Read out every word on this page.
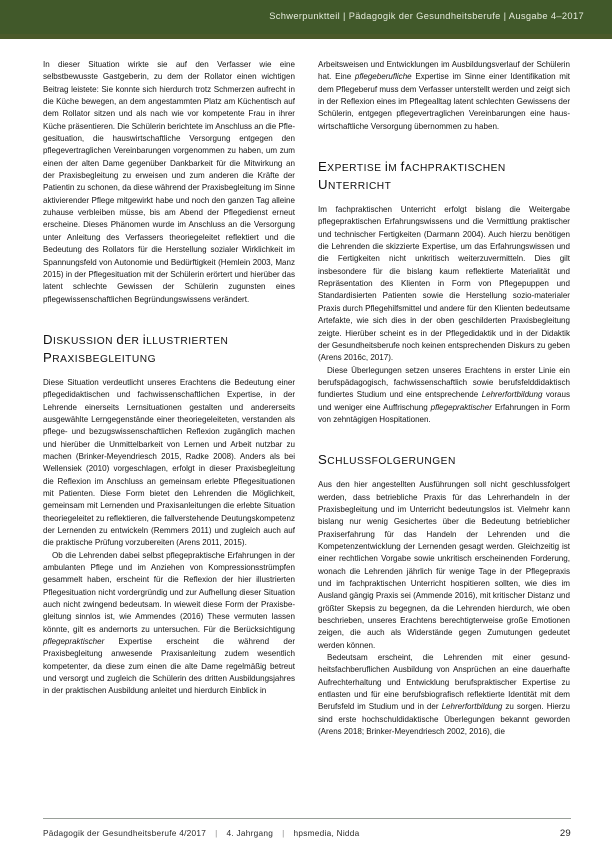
Schwerpunktteil | Pädagogik der Gesundheitsberufe | Ausgabe 4–2017

In dieser Situation wirkte sie auf den Verfasser wie eine selbstbewusste Gastgeberin, zu dem der Rollator einen wichtigen Beitrag leistete: Sie konnte sich hierdurch trotz Schmerzen aufrecht in die Küche bewegen, an dem angestammten Platz am Küchentisch auf dem Rollator sitzen und als nach wie vor kompetente Frau in ihrer Küche präsentieren. Die Schülerin berichtete im Anschluss an die Pflegesituation, die hauswirtschaftliche Versorgung entgegen den pflegevertraglichen Vereinbarungen vorgenommen zu haben, um zum einen der alten Dame gegenüber Dankbarkeit für die Mitwirkung an der Praxisbegleitung zu erweisen und zum anderen die Kräfte der Patientin zu schonen, da diese während der Praxisbegleitung im Sinne aktivierender Pflege mitgewirkt habe und noch den ganzen Tag alleine zuhause verbleiben müsse, bis am Abend der Pflegedienst erneut erscheine. Dieses Phänomen wurde im Anschluss an die Versorgung unter Anleitung des Verfassers theoriegeleitet reflektiert und die Bedeutung des Rollators für die Herstellung sozialer Wirklichkeit im Spannungsfeld von Autonomie und Bedürftigkeit (Hemlein 2003, Manz 2015) in der Pflegesituation mit der Schülerin erörtert und hierüber das latent schlechte Gewissen der Schülerin zugunsten eines pflegewissenschaftlichen Begründungswissens verändert.

DISKUSSION dER iLLUSTRIERTEN PRAXISBEGLEITUNG

Diese Situation verdeutlicht unseres Erachtens die Bedeutung einer pflegedidaktischen und fachwissenschaftlichen Expertise, in der Lehrende einerseits Lernsituationen gestalten und andererseits ausgewählte Lerngegenstände einer theoriegeleiteten, verstanden als pflege- und bezugswissenschaftlichen Reflexion zugänglich machen und hierüber die Unmittelbarkeit von Lernen und Arbeit nutzbar zu machen (Brinker-Meyendriesch 2015, Radke 2008). Anders als bei Wellensiek (2010) vorgeschlagen, erfolgt in dieser Praxisbegleitung die Reflexion im Anschluss an gemeinsam erlebte Pflegesituationen mit Patienten. Diese Form bietet den Lehrenden die Möglichkeit, gemeinsam mit Lernenden und Praxisanleitungen die erlebte Situation theoriegeleitet zu reflektieren, die fallverstehende Deutungskompetenz der Lernenden zu entwickeln (Remmers 2011) und zugleich auch auf die praktische Prüfung vorzubereiten (Arens 2011, 2015).

Ob die Lehrenden dabei selbst pflegepraktische Erfahrungen in der ambulanten Pflege und im Anziehen von Kompressionsstrümpfen gesammelt haben, erscheint für die Reflexion der hier illustrierten Pflegesituation nicht vordergründig und zur Aufhellung dieser Situation auch nicht zwingend bedeutsam. In wieweit diese Form der Praxisbegleitung sinnlos ist, wie Ammendes (2016) These vermuten lassen könnte, gilt es andernorts zu untersuchen. Für die Berücksichtigung pflegepraktischer Expertise erscheint die während der Praxisbegleitung anwesende Praxisanleitung zudem wesentlich kompetenter, da diese zum einen die alte Dame regelmäßig betreut und versorgt und zugleich die Schülerin des dritten Ausbildungsjahres in der praktischen Ausbildung anleitet und hierdurch Einblick in

Arbeitsweisen und Entwicklungen im Ausbildungsverlauf der Schülerin hat. Eine pflegeberufliche Expertise im Sinne einer Identifikation mit dem Pflegeberuf muss dem Verfasser unterstellt werden und zeigt sich in der Reflexion eines im Pflegealltag latent schlechten Gewissens der Schülerin, entgegen pflegevertraglichen Vereinbarungen eine hauswirtschaftliche Versorgung übernommen zu haben.

EXPERTISE iM fACHPRAKTISCHEN UNTERRICHT

Im fachpraktischen Unterricht erfolgt bislang die Weitergabe pflegepraktischen Erfahrungswissens und die Vermittlung praktischer und technischer Fertigkeiten (Darmann 2004). Auch hierzu benötigen die Lehrenden die skizzierte Expertise, um das Erfahrungswissen und die Fertigkeiten nicht unkritisch weiterzuvermitteln. Dies gilt insbesondere für die bislang kaum reflektierte Materialität und Repräsentation des Klienten in Form von Pflegepuppen und Standardisierten Patienten sowie die Herstellung sozio-materialer Praxis durch Pflegehilfsmittel und andere für den Klienten bedeutsame Artefakte, wie sich dies in der oben geschilderten Praxisbegleitung zeigte. Hierüber scheint es in der Pflegedidaktik und in der Didaktik der Gesundheitsberufe noch keinen entsprechenden Diskurs zu geben (Arens 2016c, 2017).

Diese Überlegungen setzen unseres Erachtens in erster Linie ein berufspädagogisch, fachwissenschaftlich sowie berufsfelddidaktisch fundiertes Studium und eine entsprechende Lehrerfortbildung voraus und weniger eine Auffrischung pflegepraktischer Erfahrungen in Form von zehntägigen Hospitationen.

SCHLUSSFOLGERUNGEN

Aus den hier angestellten Ausführungen soll nicht geschlussfolgert werden, dass betriebliche Praxis für das Lehrerhandeln in der Praxisbegleitung und im Unterricht bedeutungslos ist. Vielmehr kann bislang nur wenig Gesichertes über die Bedeutung betrieblicher Praxiserfahrung für das Handeln der Lehrenden und die Kompetenzentwicklung der Lernenden gesagt werden. Gleichzeitig ist einer rechtlichen Vorgabe sowie unkritisch erscheinenden Forderung, wonach die Lehrenden jährlich für wenige Tage in der Pflegepraxis und im fachpraktischen Unterricht hospitieren sollten, wie dies im Ausland gängig Praxis sei (Ammende 2016), mit kritischer Distanz und größter Skepsis zu begegnen, da die Lehrenden hierdurch, wie oben beschrieben, unseres Erachtens berechtigterweise große Emotionen zeigen, die auch als Widerstände gegen Zumutungen gedeutet werden können.

Bedeutsam erscheint, die Lehrenden mit einer gesundheitsfachberuflichen Ausbildung von Ansprüchen an eine dauerhafte Aufrechterhaltung und Entwicklung berufspraktischer Expertise zu entlasten und für eine berufsbiografisch reflektierte Identität mit dem Berufsfeld im Studium und in der Lehrerfortbildung zu sorgen. Hierzu sind erste hochschuldidaktische Überlegungen bekannt geworden (Arens 2018; Brinker-Meyendriesch 2002, 2016), die

Pädagogik der Gesundheitsberufe 4/2017 | 4. Jahrgang | hpsmedia, Nidda	29
